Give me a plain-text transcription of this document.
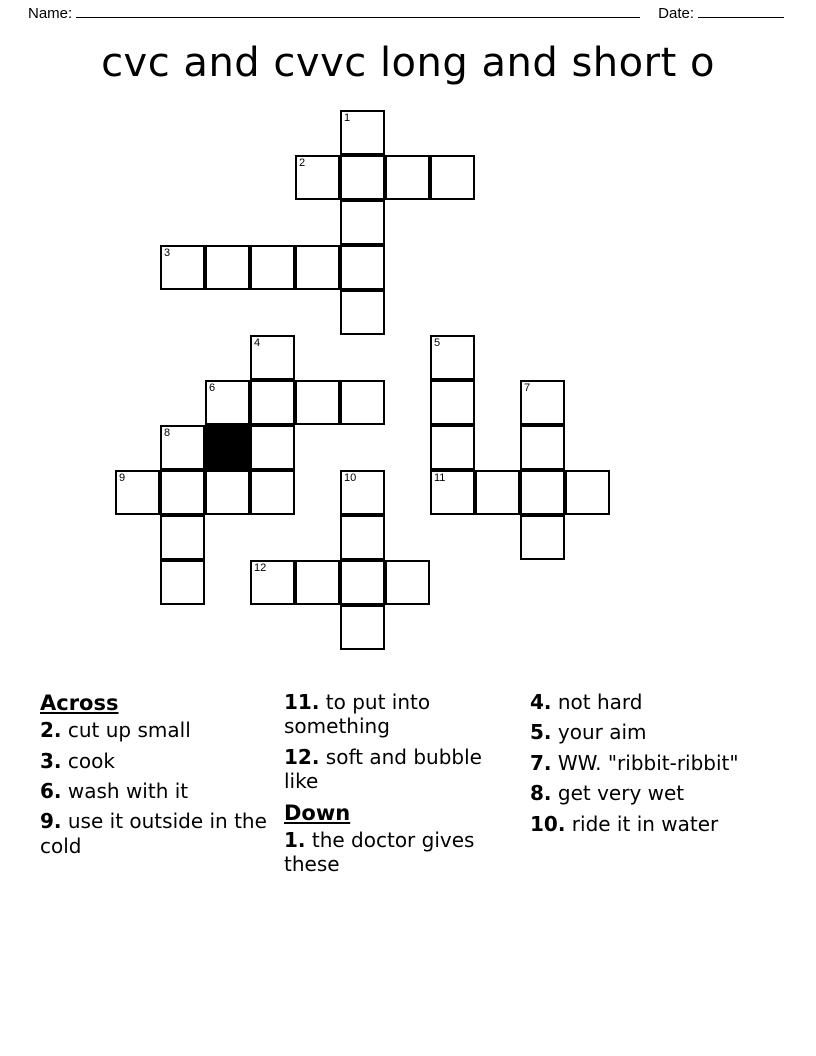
Name:	Date:
cvc and cvvc long and short o
1
2
3
4	5
6	7
8
9	10	11
12
Across
2. cut up small
3. cook
6. wash with it
9. use it outside in the cold
11. to put into something
12. soft and bubble like
Down
1. the doctor gives these
4. not hard
5. your aim
7. WW. "ribbit-ribbit"
8. get very wet
10. ride it in water
